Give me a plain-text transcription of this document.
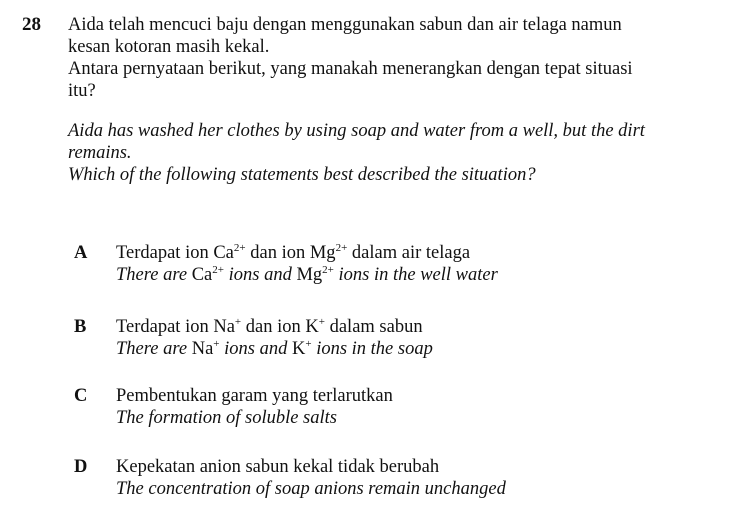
28 Aida telah mencuci baju dengan menggunakan sabun dan air telaga namun

kesan kotoran masih kekal.

Antara pernyataan berikut, yang manakah menerangkan dengan tepat situasi

itu?

Aida has washed her clothes by using soap and water from a well, but the dirt

remains.

Which of the following statements best described the situation?

A	Terdapat ion $Ca^{2+}$ dan ion $Mg^{2+}$ dalam air telaga
There are $Ca^{2+}$ ions and $Mg^{2+}$ ions in the well water
B	Terdapat ion Na+ dan ion K+ dalam sabun
There are Na+ ions and K+ ions in the soap
C	Pembentukan garam yang terlarutkan
The formation of soluble salts
D	Kepekatan anion sabun kekal tidak berubah
The concentration of soap anions remain unchanged
